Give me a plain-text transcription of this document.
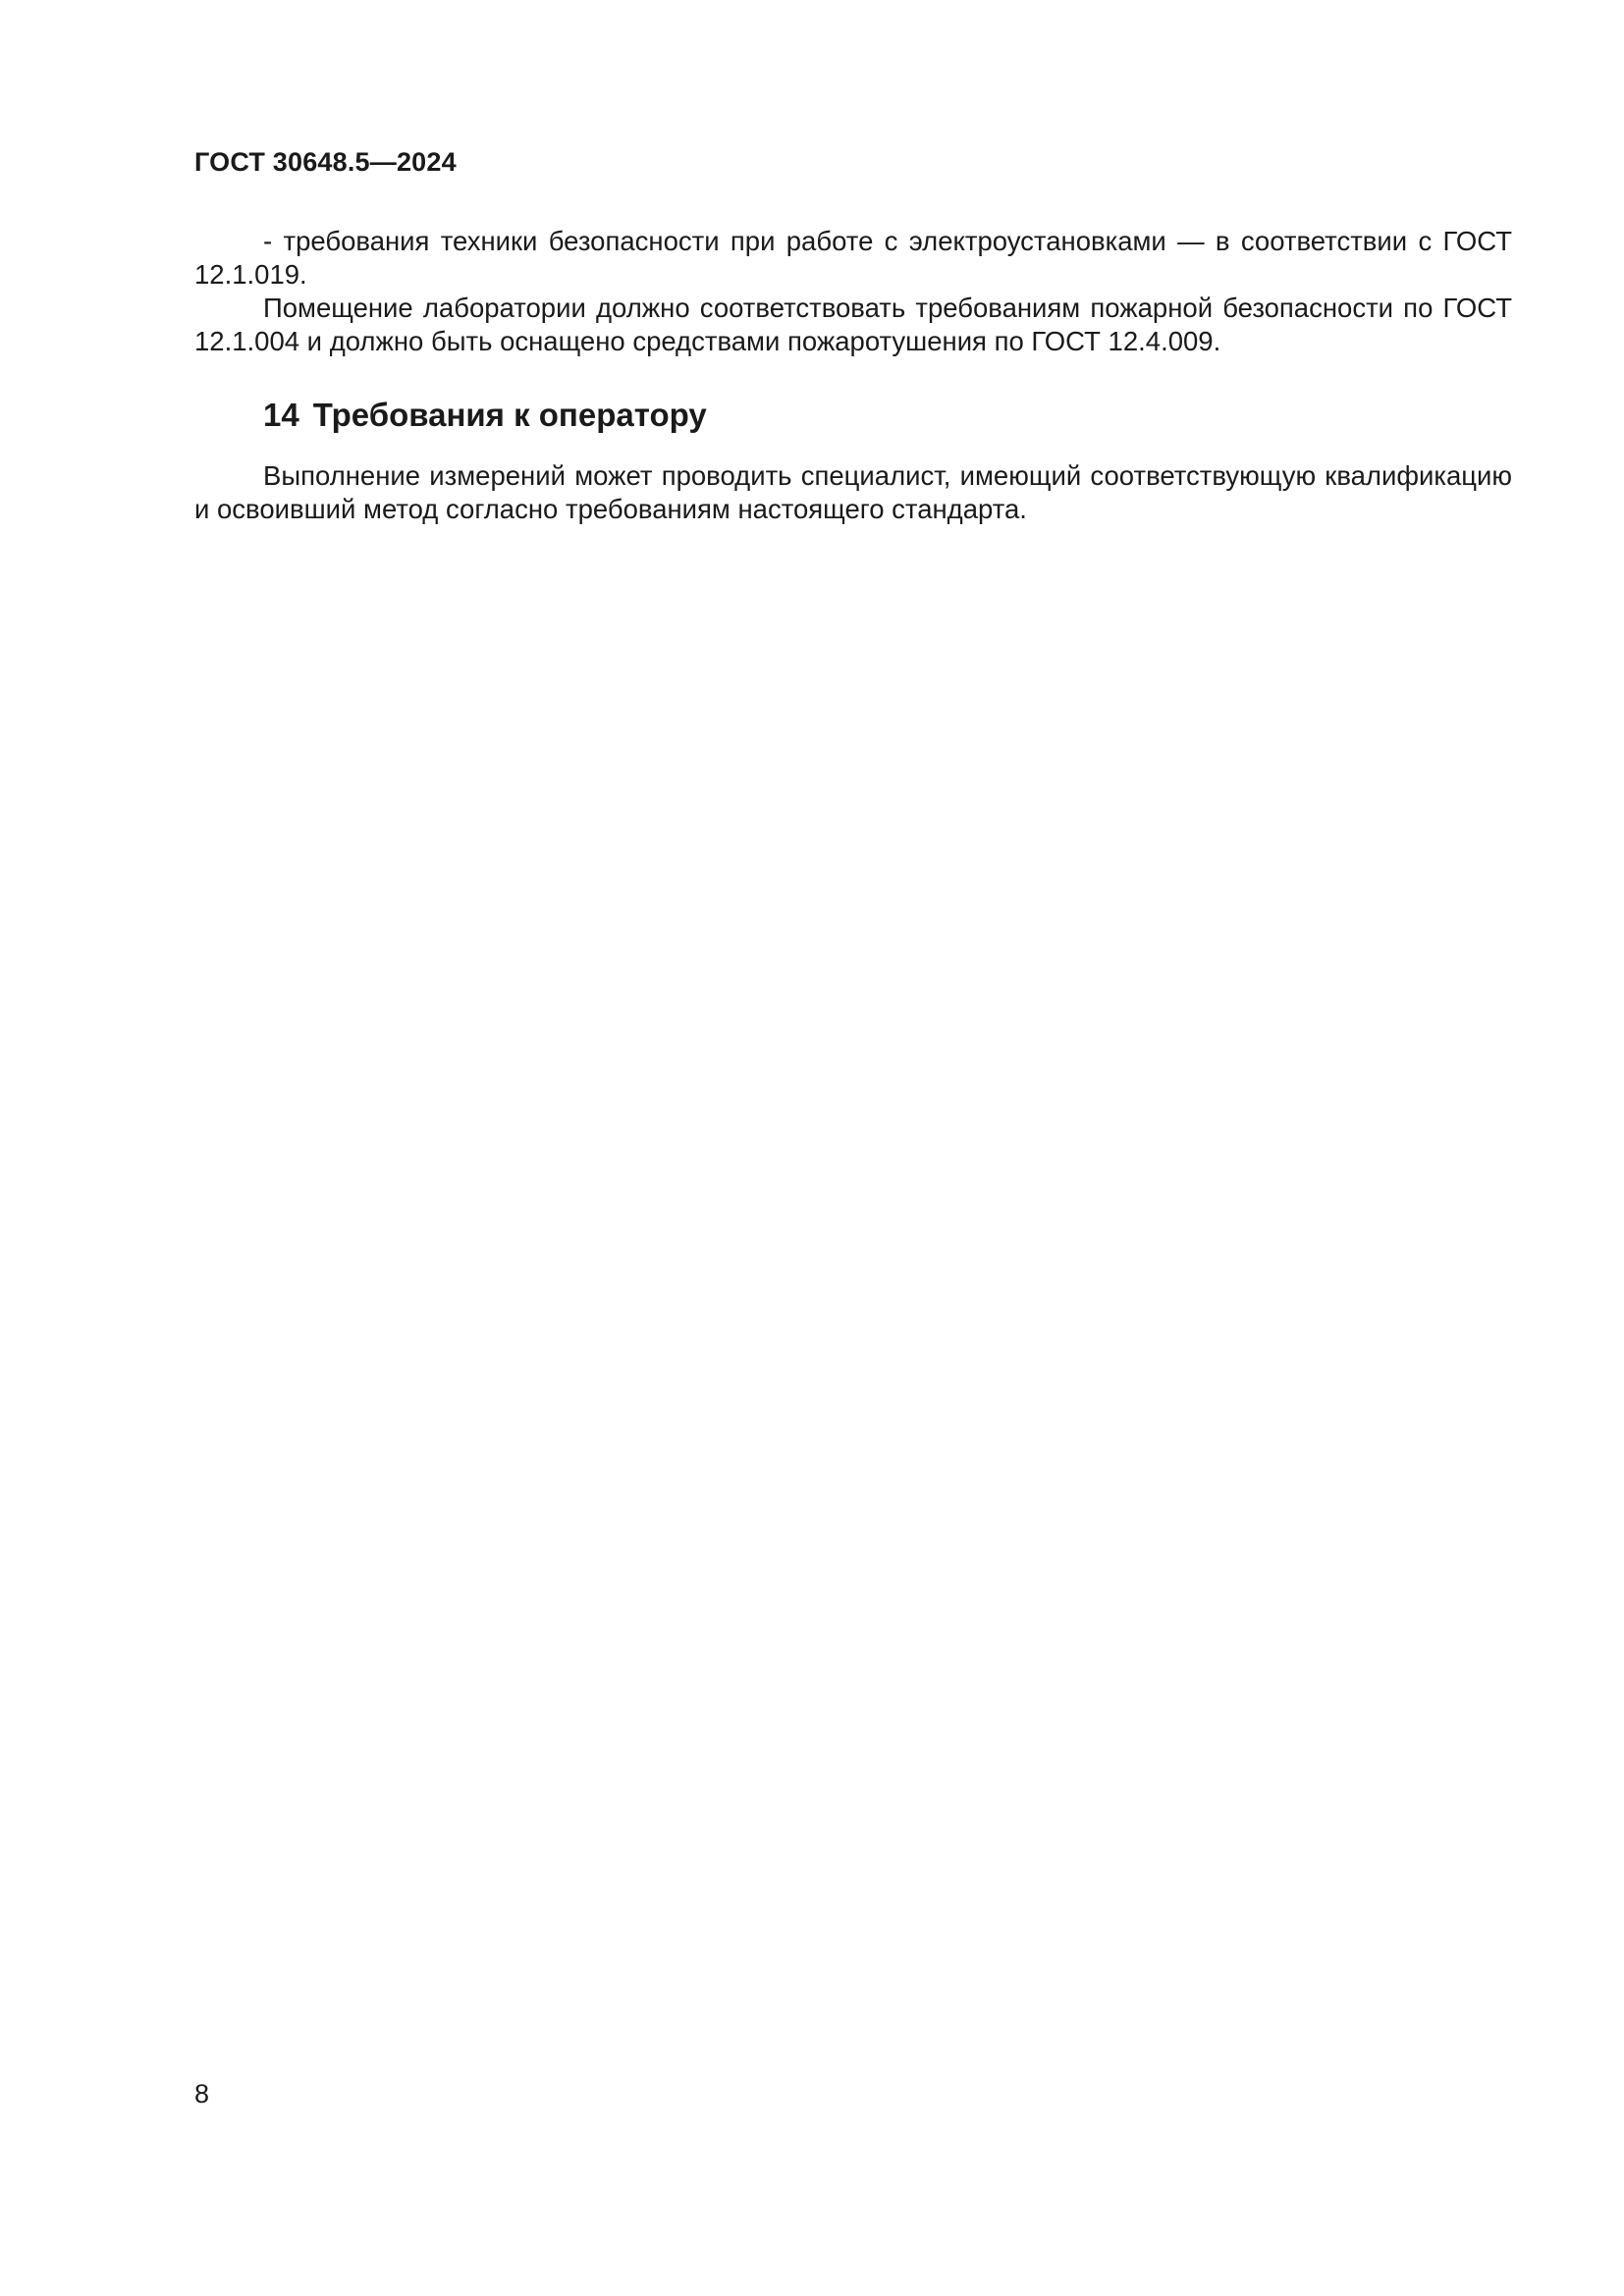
ГОСТ 30648.5—2024

- требования техники безопасности при работе с электроустановками — в соответствии с ГОСТ 12.1.019.

Помещение лаборатории должно соответствовать требованиям пожарной безопасности по ГОСТ 12.1.004 и должно быть оснащено средствами пожаротушения по ГОСТ 12.4.009.

14 Требования к оператору

Выполнение измерений может проводить специалист, имеющий соответствующую квалификацию и освоивший метод согласно требованиям настоящего стандарта.

8
